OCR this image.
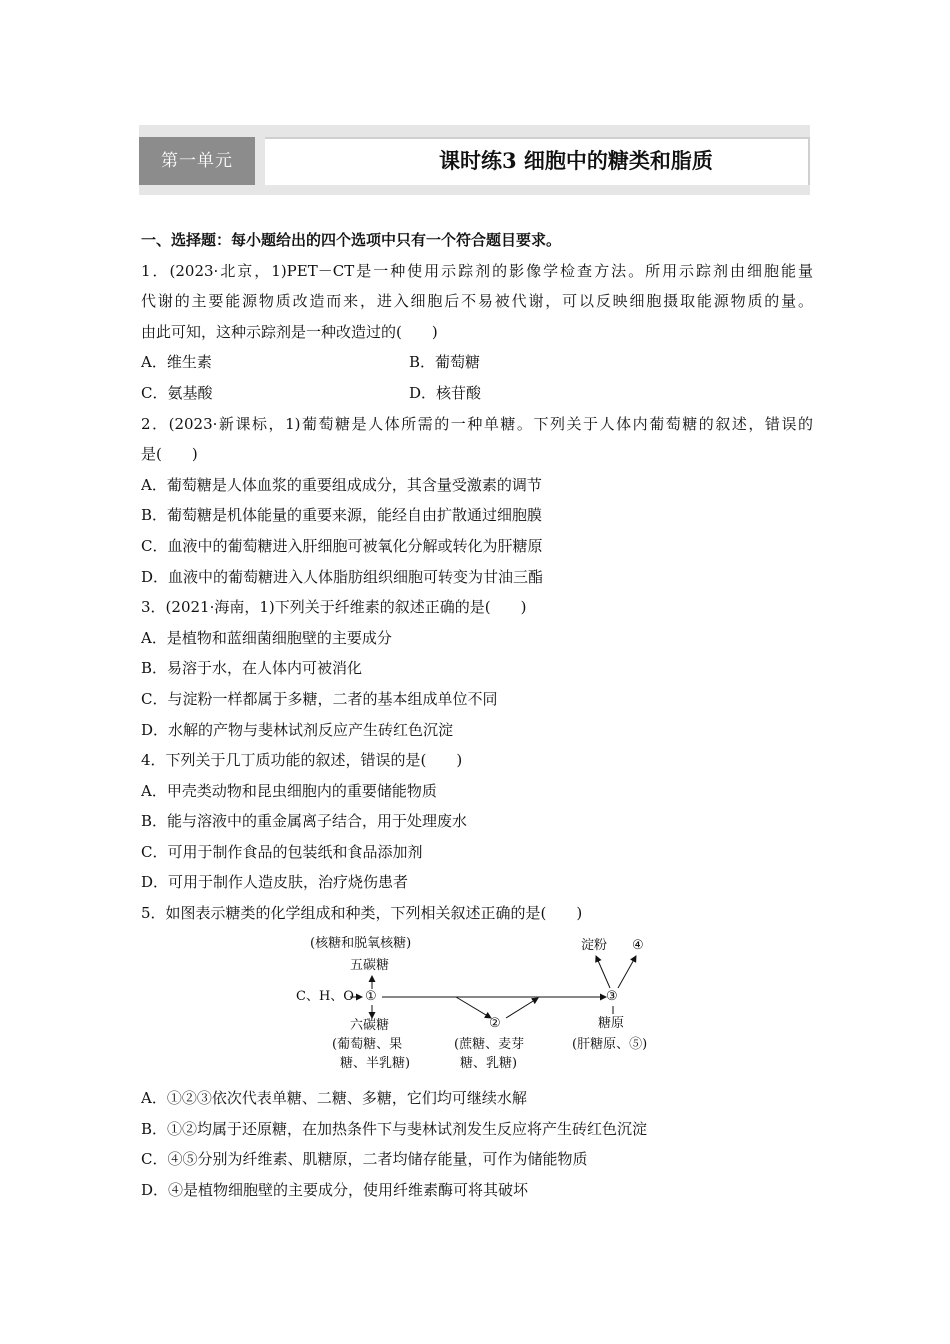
第一单元	课时练3 细胞中的糖类和脂质
一、选择题：每小题给出的四个选项中只有一个符合题目要求。
1．(2023·北京，1)PET－CT是一种使用示踪剂的影像学检查方法。所用示踪剂由细胞能量
代谢的主要能源物质改造而来，进入细胞后不易被代谢，可以反映细胞摄取能源物质的量。
由此可知，这种示踪剂是一种改造过的(　　)
A．维生素	B．葡萄糖
C．氨基酸	D．核苷酸
2．(2023·新课标，1)葡萄糖是人体所需的一种单糖。下列关于人体内葡萄糖的叙述，错误的
是(　　)
A．葡萄糖是人体血浆的重要组成成分，其含量受激素的调节
B．葡萄糖是机体能量的重要来源，能经自由扩散通过细胞膜
C．血液中的葡萄糖进入肝细胞可被氧化分解或转化为肝糖原
D．血液中的葡萄糖进入人体脂肪组织细胞可转变为甘油三酯
3．(2021·海南，1)下列关于纤维素的叙述正确的是(　　)
A．是植物和蓝细菌细胞壁的主要成分
B．易溶于水，在人体内可被消化
C．与淀粉一样都属于多糖，二者的基本组成单位不同
D．水解的产物与斐林试剂反应产生砖红色沉淀
4．下列关于几丁质功能的叙述，错误的是(　　)
A．甲壳类动物和昆虫细胞内的重要储能物质
B．能与溶液中的重金属离子结合，用于处理废水
C．可用于制作食品的包装纸和食品添加剂
D．可用于制作人造皮肤，治疗烧伤患者
5．如图表示糖类的化学组成和种类，下列相关叙述正确的是(　　)
(核糖和脱氧核糖)
五碳糖
C、H、O ①
六碳糖
(葡萄糖、果
糖、半乳糖)
②
(蔗糖、麦芽
糖、乳糖)
③
淀粉 ④
糖原
(肝糖原、⑤)
A．①②③依次代表单糖、二糖、多糖，它们均可继续水解
B．①②均属于还原糖，在加热条件下与斐林试剂发生反应将产生砖红色沉淀
C．④⑤分别为纤维素、肌糖原，二者均储存能量，可作为储能物质
D．④是植物细胞壁的主要成分，使用纤维素酶可将其破坏
